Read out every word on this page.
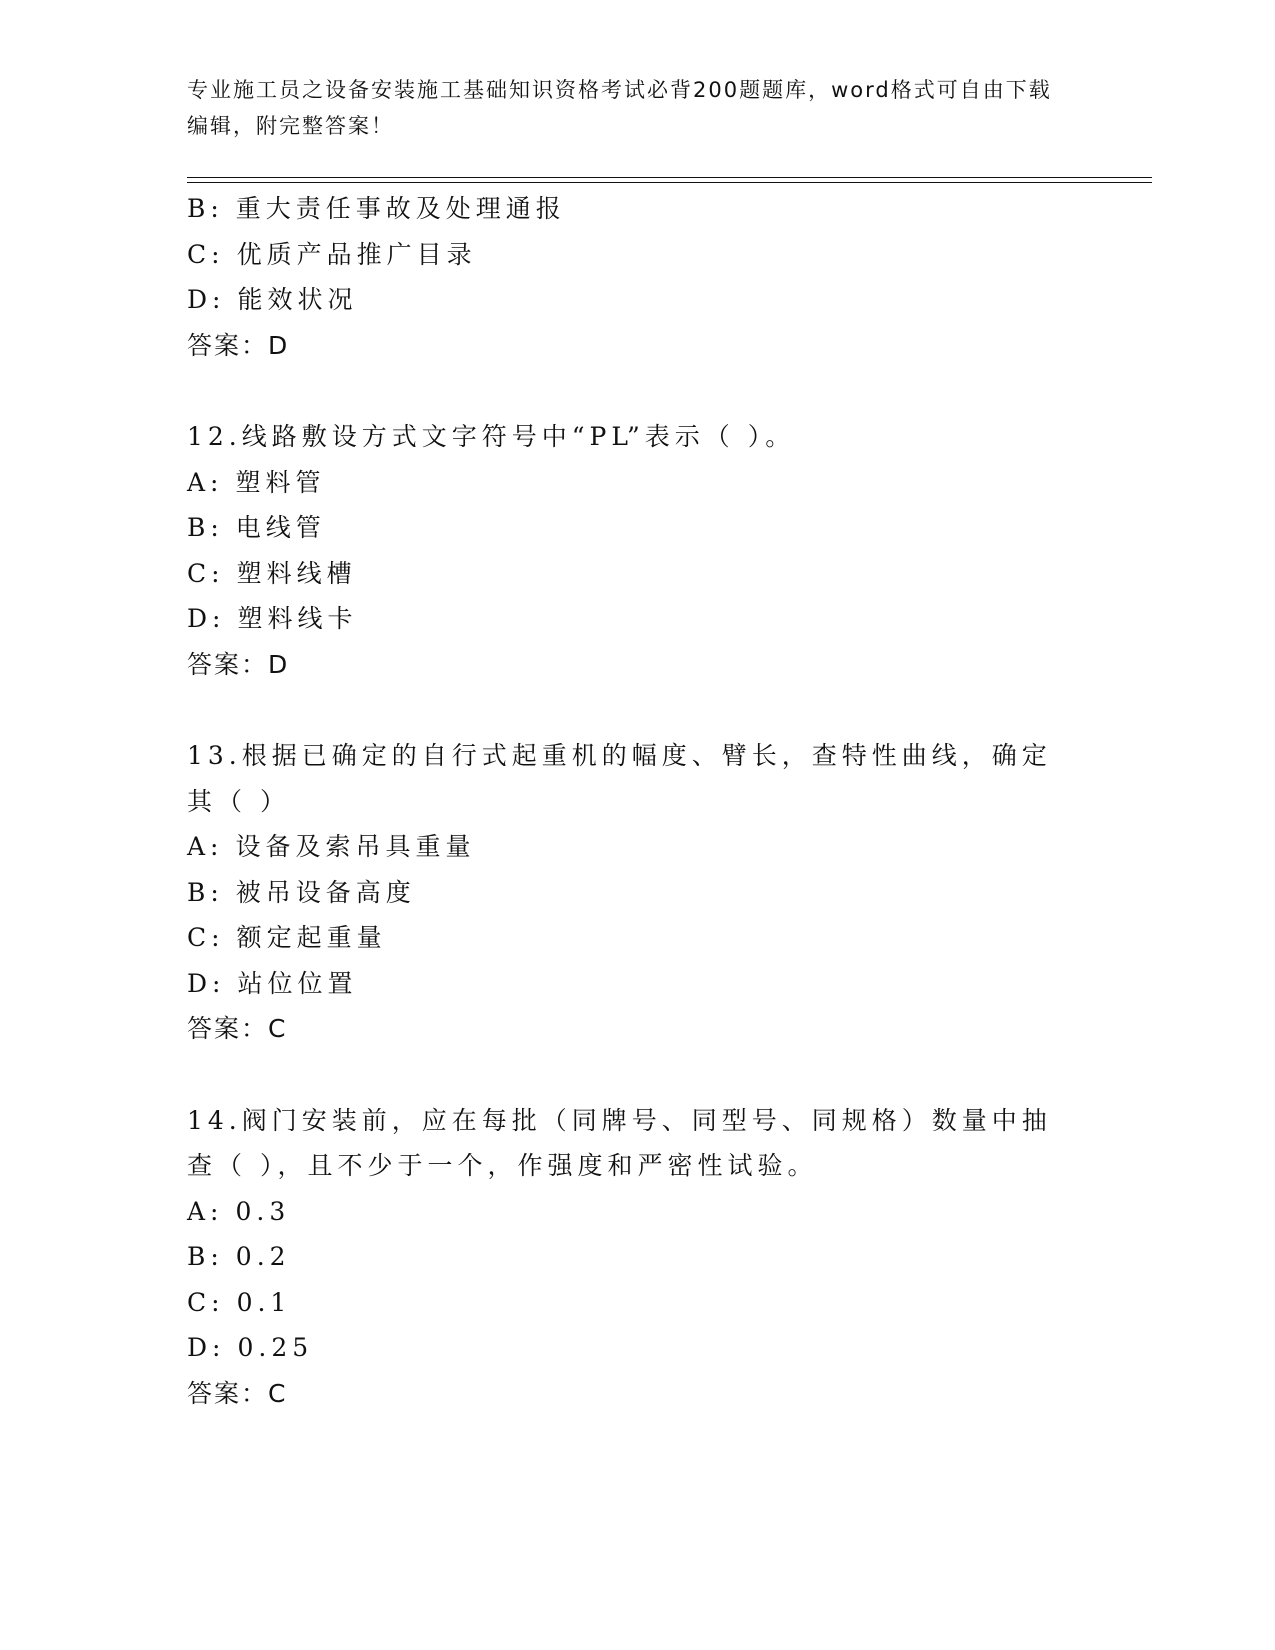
专业施工员之设备安装施工基础知识资格考试必背200题题库，word格式可自由下载编辑，附完整答案！
B: 重大责任事故及处理通报
C: 优质产品推广目录
D: 能效状况
答案：D
12.线路敷设方式文字符号中“PL”表示（ ）。
A: 塑料管
B: 电线管
C: 塑料线槽
D: 塑料线卡
答案：D
13.根据已确定的自行式起重机的幅度、臂长，查特性曲线，确定其（ ）
A: 设备及索吊具重量
B: 被吊设备高度
C: 额定起重量
D: 站位位置
答案：C
14.阀门安装前，应在每批（同牌号、同型号、同规格）数量中抽查（ ），且不少于一个，作强度和严密性试验。
A: 0.3
B: 0.2
C: 0.1
D: 0.25
答案：C
